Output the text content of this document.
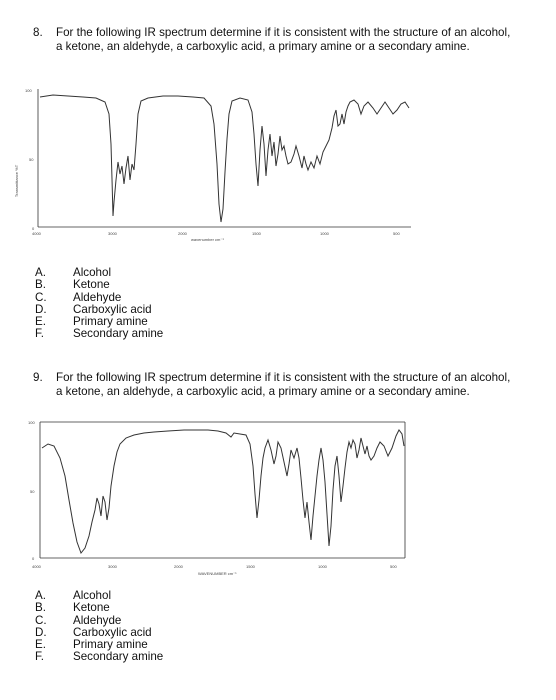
8. For the following IR spectrum determine if it is consistent with the structure of an alcohol, a ketone, an aldehyde, a carboxylic acid, a primary amine or a secondary amine.
Transmittance %T
100
50
0
4000	3000	2000	1500	1000	500
wavenumber cm⁻¹
A.	Alcohol
B.	Ketone
C.	Aldehyde
D.	Carboxylic acid
E.	Primary amine
F.	Secondary amine
9. For the following IR spectrum determine if it is consistent with the structure of an alcohol, a ketone, an aldehyde, a carboxylic acid, a primary amine or a secondary amine.
100
50
0
4000	3000	2000	1500	1000	500
WAVENUMBER cm⁻¹
A.	Alcohol
B.	Ketone
C.	Aldehyde
D.	Carboxylic acid
E.	Primary amine
F.	Secondary amine
